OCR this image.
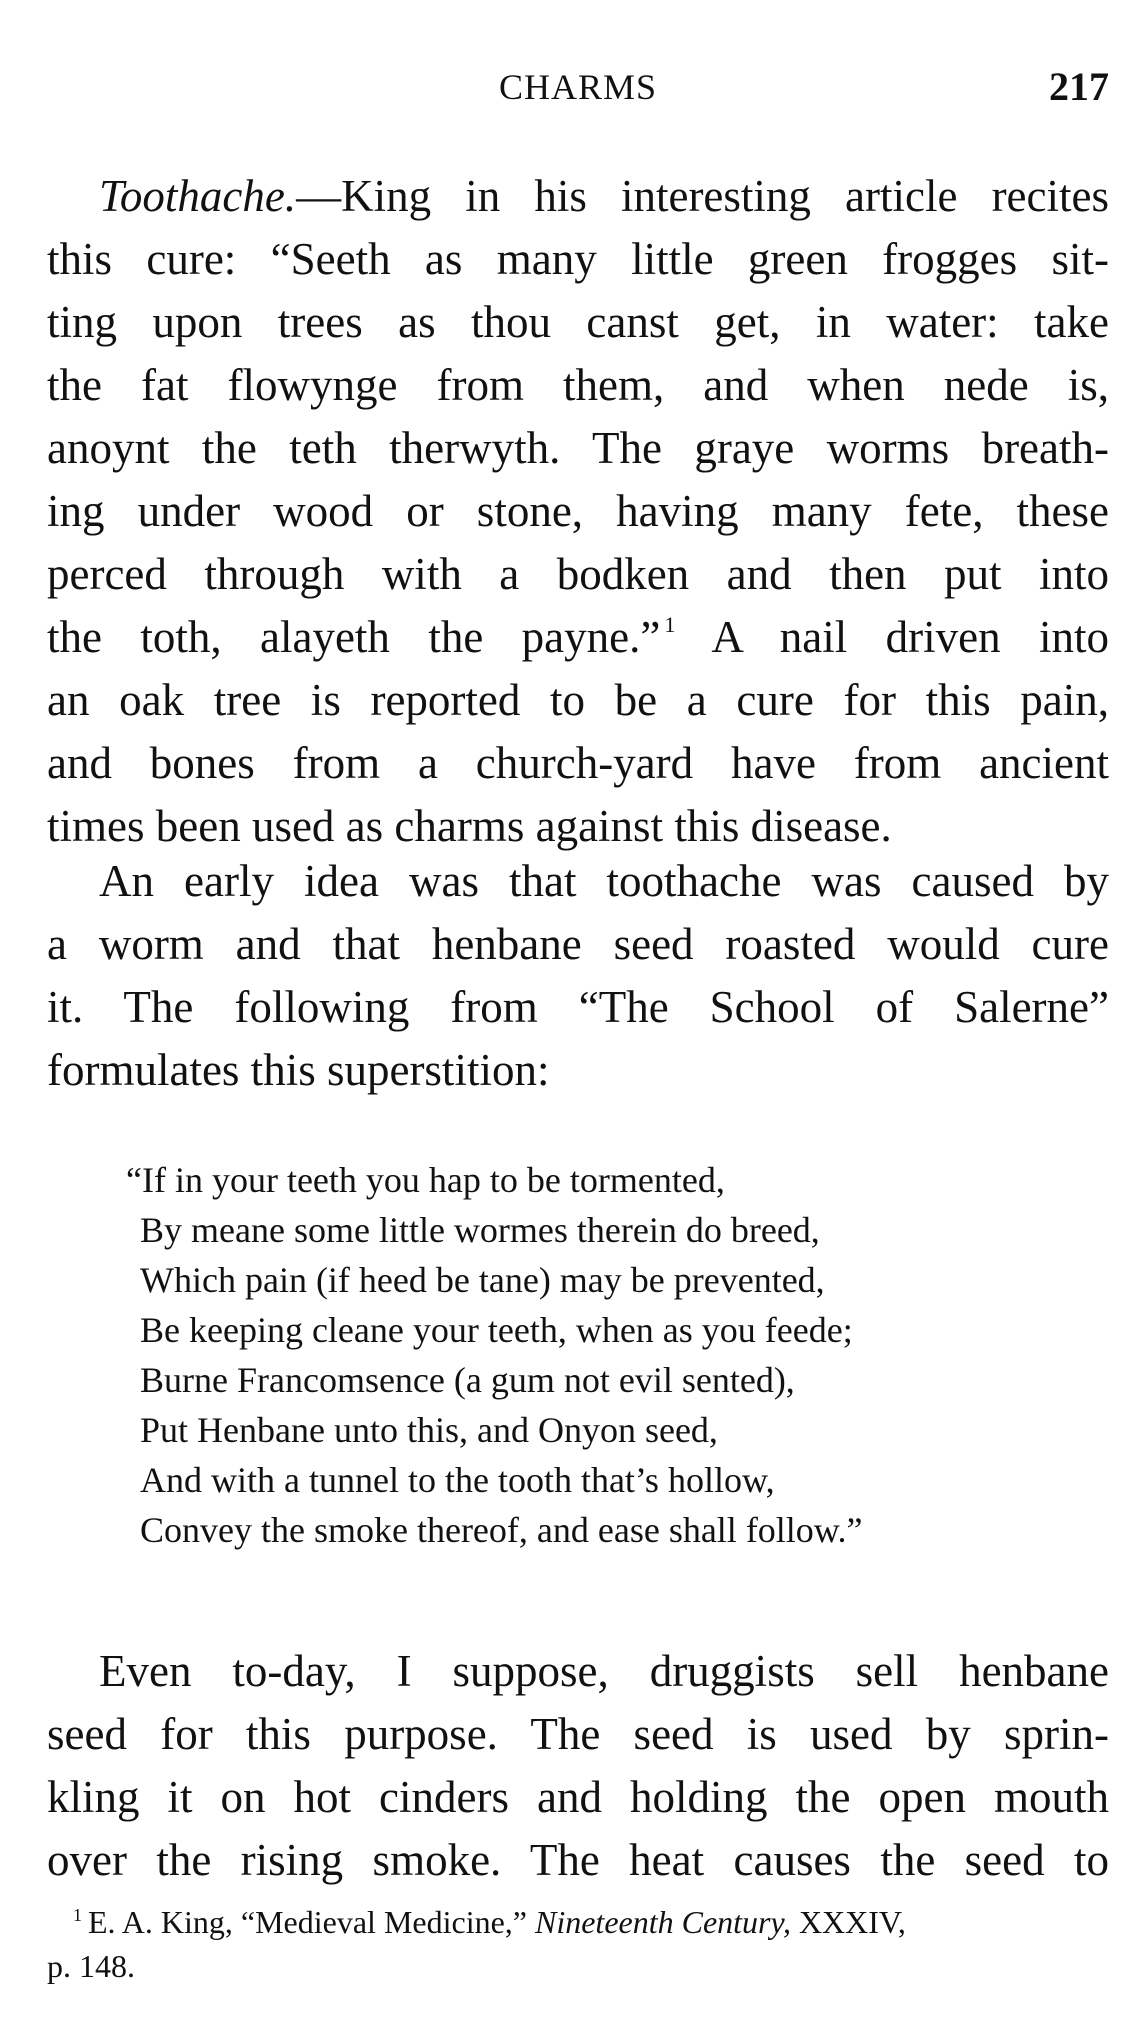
CHARMS	217
Toothache.—King in his interesting article recites
this cure: “Seeth as many little green frogges sit-
ting upon trees as thou canst get, in water: take
the fat flowynge from them, and when nede is,
anoynt the teth therwyth. The graye worms breath-
ing under wood or stone, having many fete, these
perced through with a bodken and then put into
the toth, alayeth the payne.” $^1$ A nail driven into
an oak tree is reported to be a cure for this pain,
and bones from a church-yard have from ancient
times been used as charms against this disease.
An early idea was that toothache was caused by
a worm and that henbane seed roasted would cure
it. The following from “The School of Salerne”
formulates this superstition:
“If in your teeth you hap to be tormented,
By meane some little wormes therein do breed,
Which pain (if heed be tane) may be prevented,
Be keeping cleane your teeth, when as you feede;
Burne Francomsence (a gum not evil sented),
Put Henbane unto this, and Onyon seed,
And with a tunnel to the tooth that’s hollow,
Convey the smoke thereof, and ease shall follow.”
Even to-day, I suppose, druggists sell henbane
seed for this purpose. The seed is used by sprin-
kling it on hot cinders and holding the open mouth
over the rising smoke. The heat causes the seed to
$^1$ E. A. King, “Medieval Medicine,” Nineteenth Century, XXXIV,
p. 148.
